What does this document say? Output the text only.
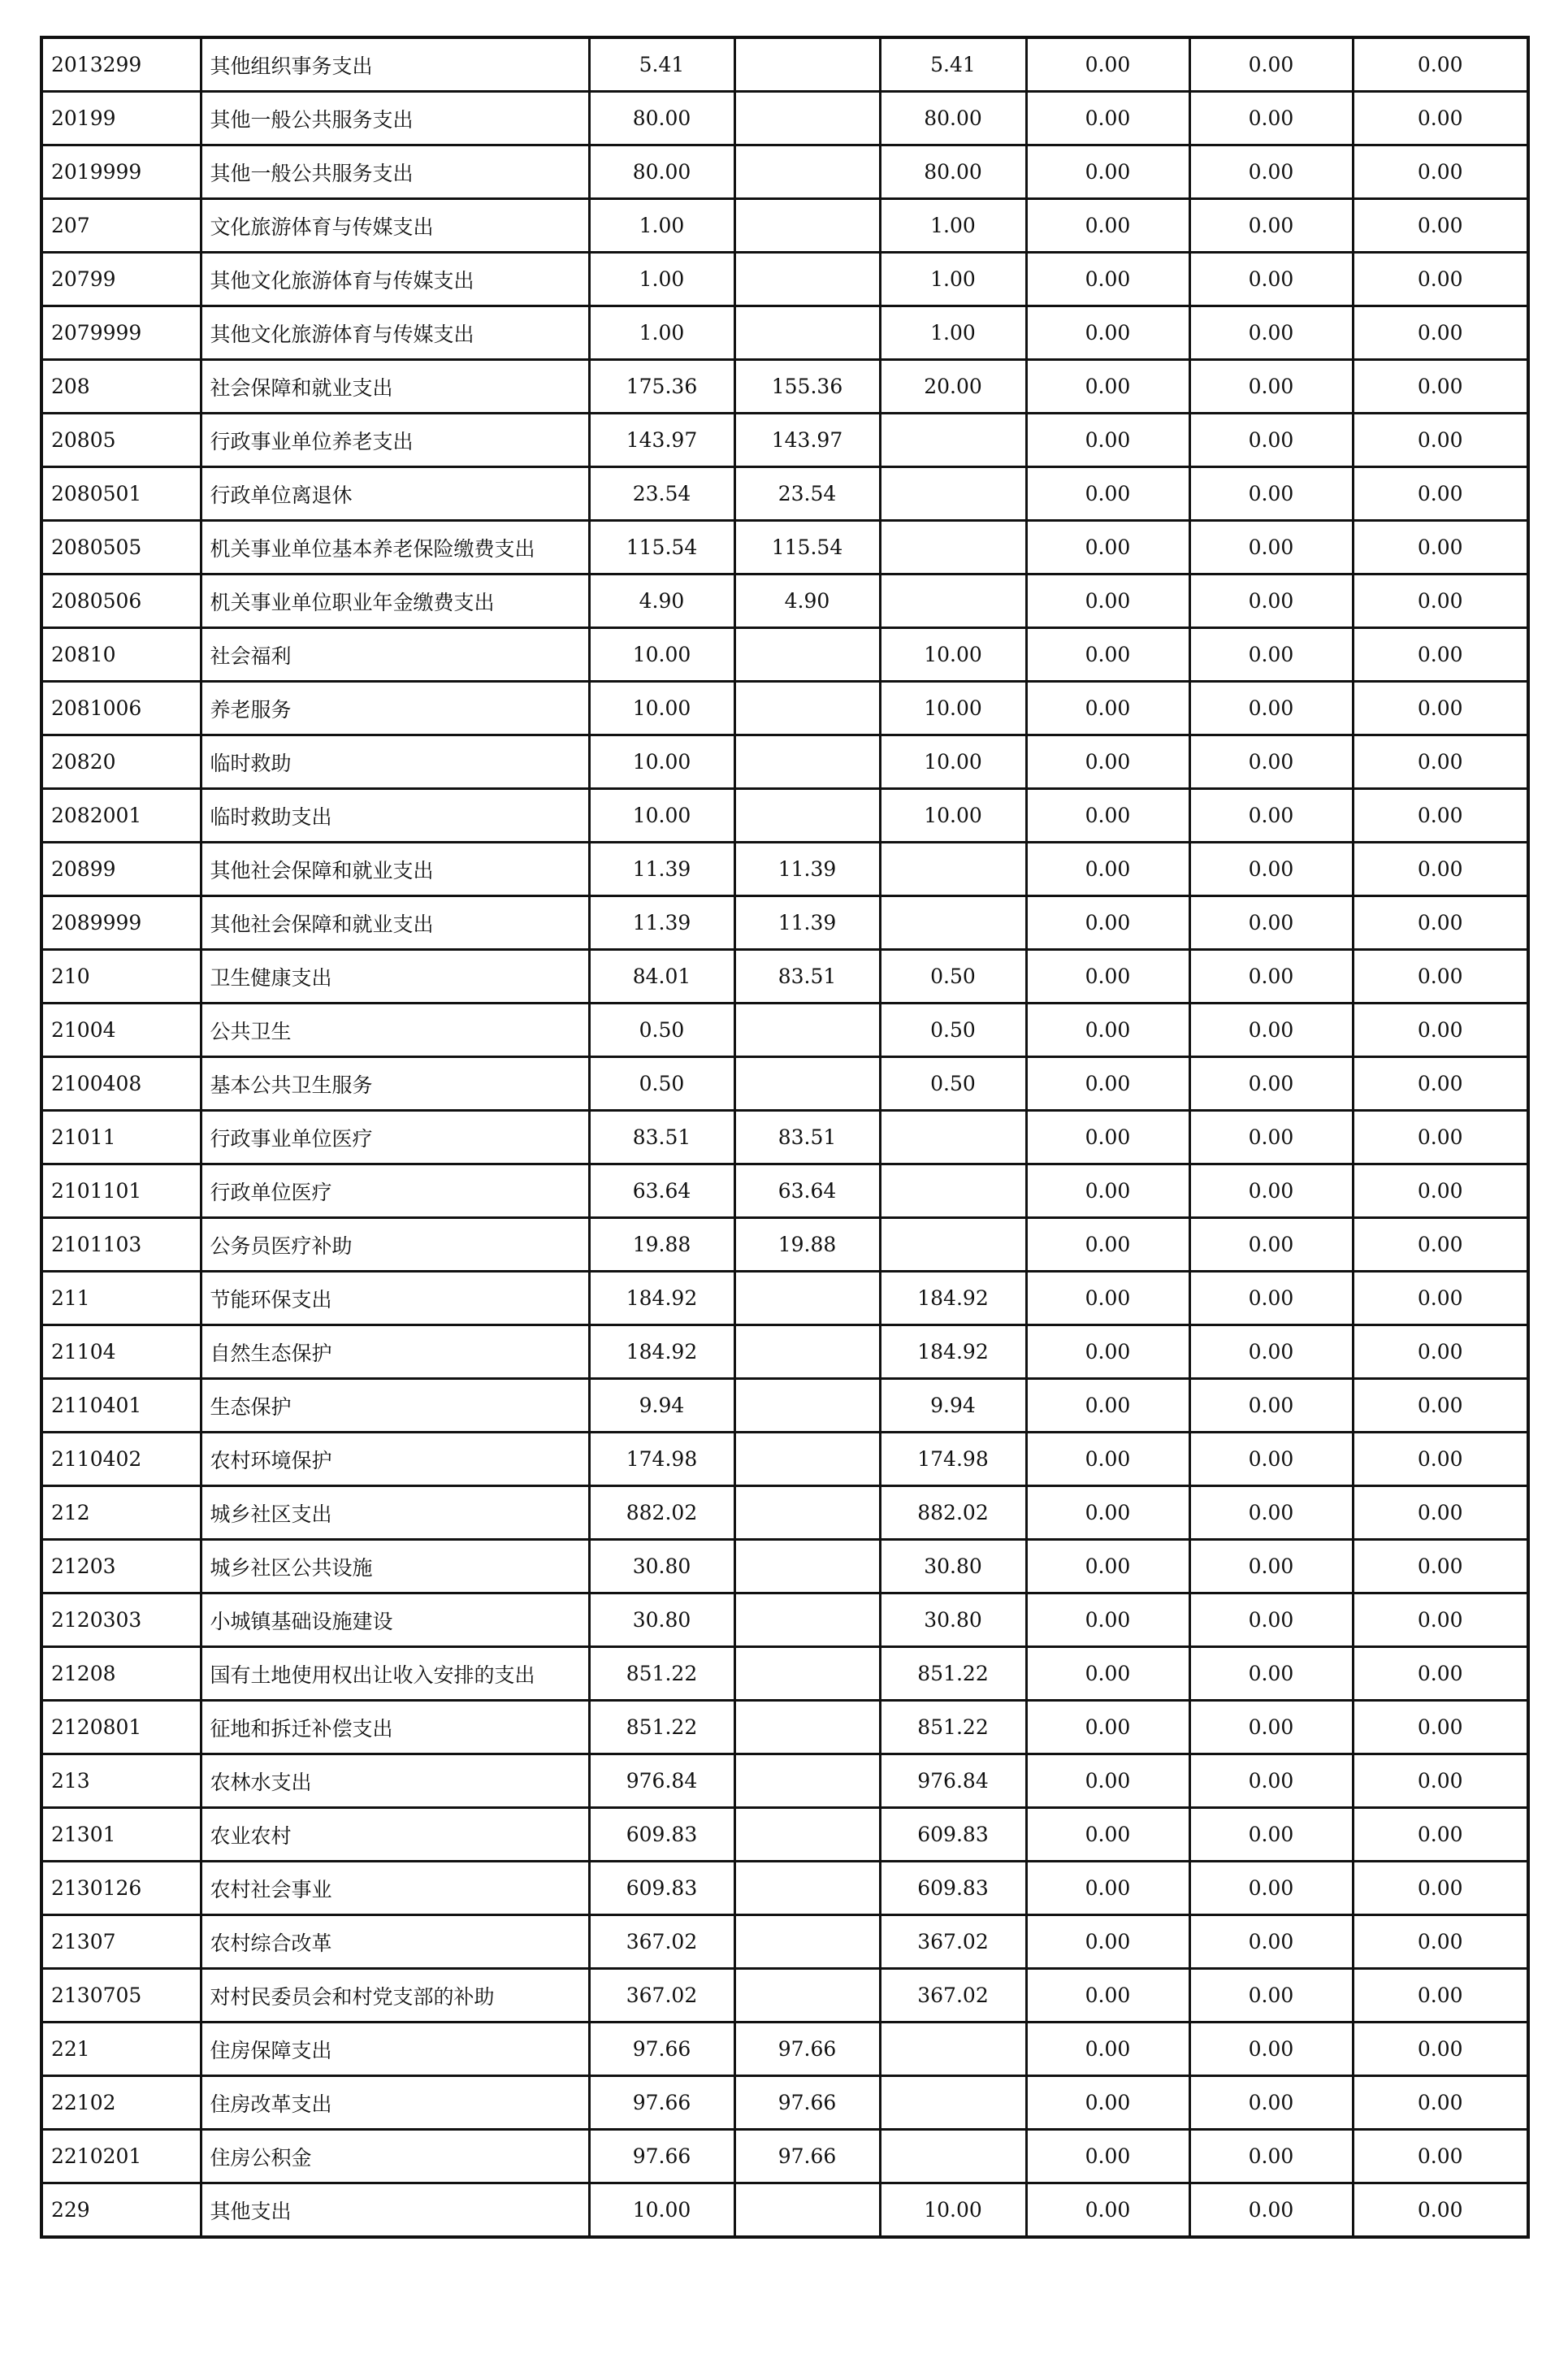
2013299	其他组织事务支出	5.41		5.41	0.00	0.00	0.00
20199	其他一般公共服务支出	80.00		80.00	0.00	0.00	0.00
2019999	其他一般公共服务支出	80.00		80.00	0.00	0.00	0.00
207	文化旅游体育与传媒支出	1.00		1.00	0.00	0.00	0.00
20799	其他文化旅游体育与传媒支出	1.00		1.00	0.00	0.00	0.00
2079999	其他文化旅游体育与传媒支出	1.00		1.00	0.00	0.00	0.00
208	社会保障和就业支出	175.36	155.36	20.00	0.00	0.00	0.00
20805	行政事业单位养老支出	143.97	143.97		0.00	0.00	0.00
2080501	行政单位离退休	23.54	23.54		0.00	0.00	0.00
2080505	机关事业单位基本养老保险缴费支出	115.54	115.54		0.00	0.00	0.00
2080506	机关事业单位职业年金缴费支出	4.90	4.90		0.00	0.00	0.00
20810	社会福利	10.00		10.00	0.00	0.00	0.00
2081006	养老服务	10.00		10.00	0.00	0.00	0.00
20820	临时救助	10.00		10.00	0.00	0.00	0.00
2082001	临时救助支出	10.00		10.00	0.00	0.00	0.00
20899	其他社会保障和就业支出	11.39	11.39		0.00	0.00	0.00
2089999	其他社会保障和就业支出	11.39	11.39		0.00	0.00	0.00
210	卫生健康支出	84.01	83.51	0.50	0.00	0.00	0.00
21004	公共卫生	0.50		0.50	0.00	0.00	0.00
2100408	基本公共卫生服务	0.50		0.50	0.00	0.00	0.00
21011	行政事业单位医疗	83.51	83.51		0.00	0.00	0.00
2101101	行政单位医疗	63.64	63.64		0.00	0.00	0.00
2101103	公务员医疗补助	19.88	19.88		0.00	0.00	0.00
211	节能环保支出	184.92		184.92	0.00	0.00	0.00
21104	自然生态保护	184.92		184.92	0.00	0.00	0.00
2110401	生态保护	9.94		9.94	0.00	0.00	0.00
2110402	农村环境保护	174.98		174.98	0.00	0.00	0.00
212	城乡社区支出	882.02		882.02	0.00	0.00	0.00
21203	城乡社区公共设施	30.80		30.80	0.00	0.00	0.00
2120303	小城镇基础设施建设	30.80		30.80	0.00	0.00	0.00
21208	国有土地使用权出让收入安排的支出	851.22		851.22	0.00	0.00	0.00
2120801	征地和拆迁补偿支出	851.22		851.22	0.00	0.00	0.00
213	农林水支出	976.84		976.84	0.00	0.00	0.00
21301	农业农村	609.83		609.83	0.00	0.00	0.00
2130126	农村社会事业	609.83		609.83	0.00	0.00	0.00
21307	农村综合改革	367.02		367.02	0.00	0.00	0.00
2130705	对村民委员会和村党支部的补助	367.02		367.02	0.00	0.00	0.00
221	住房保障支出	97.66	97.66		0.00	0.00	0.00
22102	住房改革支出	97.66	97.66		0.00	0.00	0.00
2210201	住房公积金	97.66	97.66		0.00	0.00	0.00
229	其他支出	10.00		10.00	0.00	0.00	0.00
